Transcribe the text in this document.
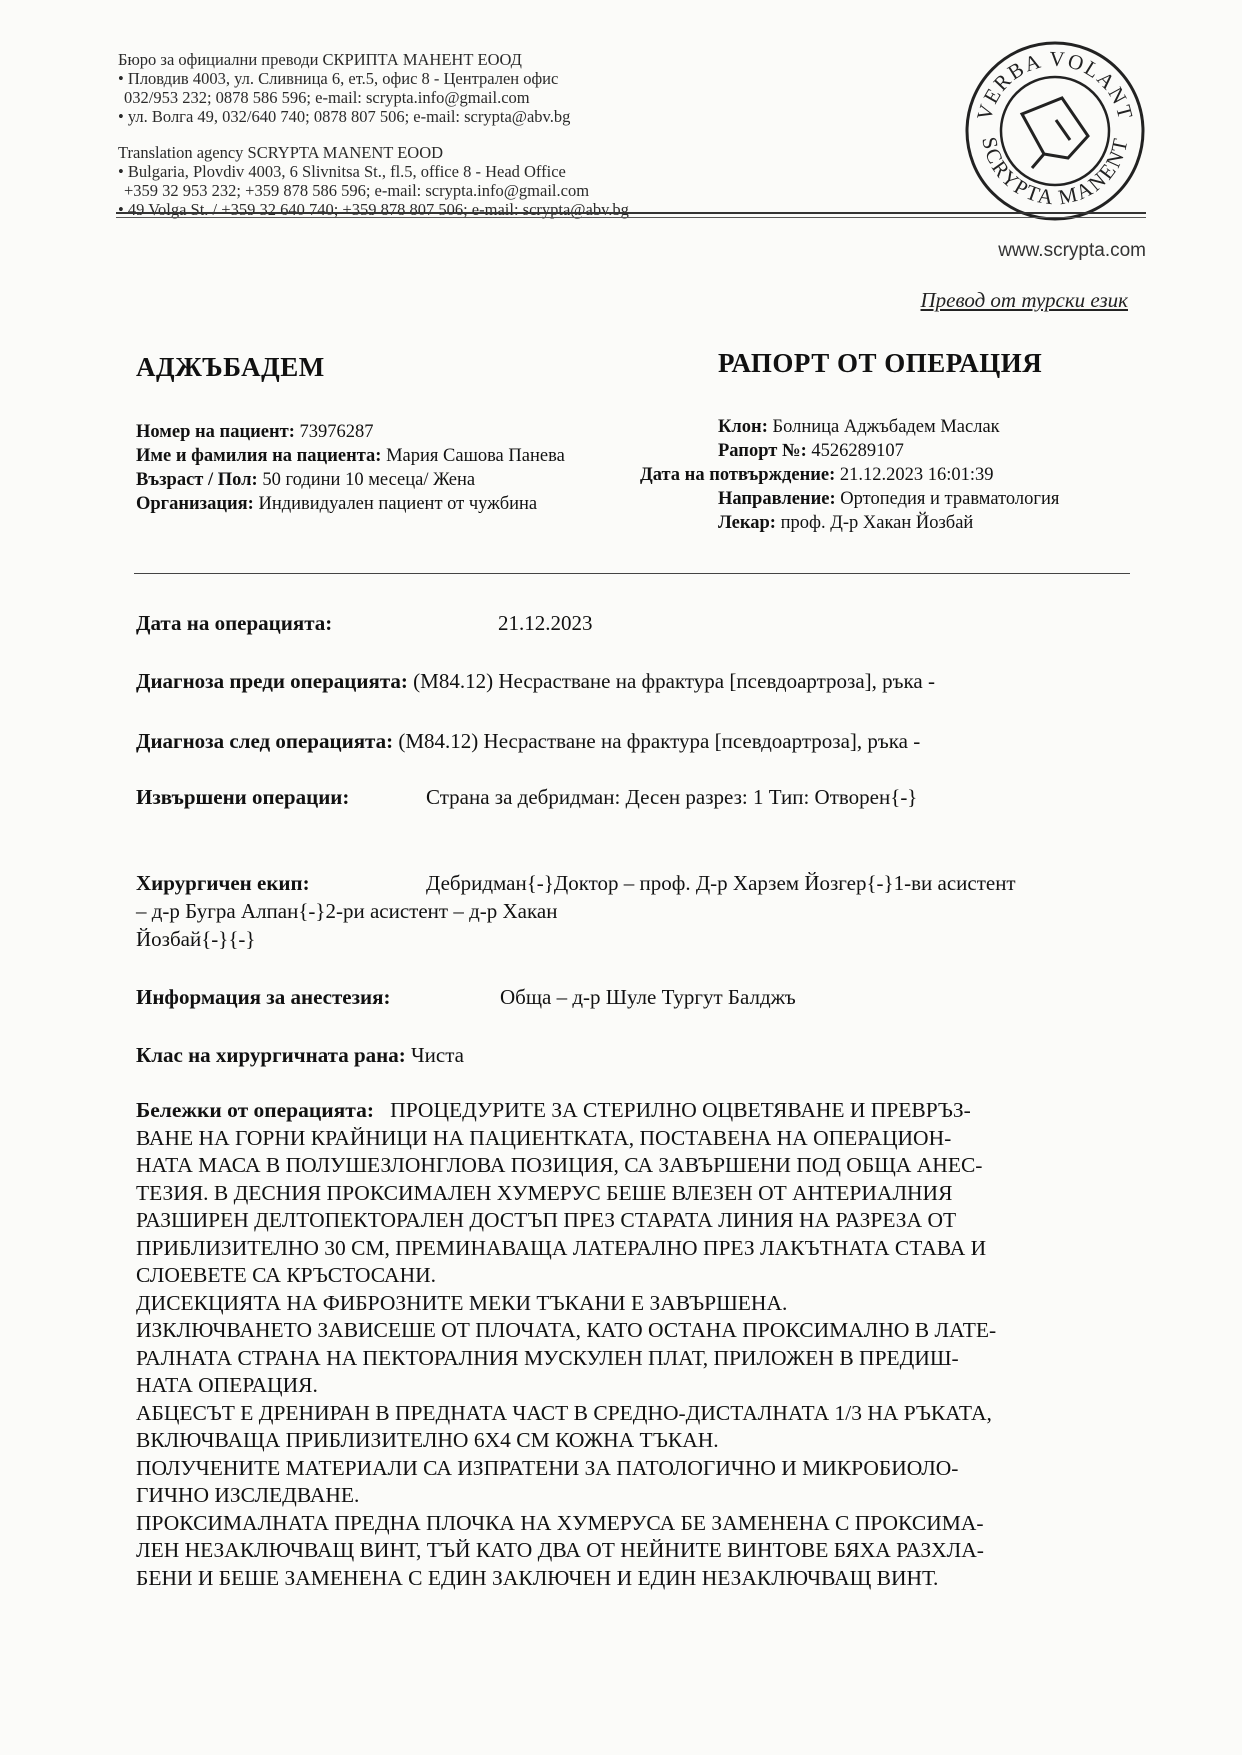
Бюро за официални преводи СКРИПТА МАНЕНТ ЕООД
• Пловдив 4003, ул. Сливница 6, ет.5, офис 8 - Централен офис
032/953 232; 0878 586 596; e-mail: scrypta.info@gmail.com
• ул. Волга 49, 032/640 740; 0878 807 506; e-mail: scrypta@abv.bg
Translation agency SCRYPTA MANENT EOOD
• Bulgaria, Plovdiv 4003, 6 Slivnitsa St., fl.5, office 8 - Head Office
+359 32 953 232; +359 878 586 596; e-mail: scrypta.info@gmail.com
• 49 Volga St. / +359 32 640 740; +359 878 807 506; e-mail: scrypta@abv.bg
VERBA VOLANT
SCRYPTA MANENT
www.scrypta.com
Превод от турски език
АДЖЪБАДЕМ	РАПОРТ ОТ ОПЕРАЦИЯ
Номер на пациент: 73976287
Име и фамилия на пациента: Мария Сашова Панева
Възраст / Пол: 50 години 10 месеца/ Жена
Организация: Индивидуален пациент от чужбина
Клон: Болница Аджъбадем Маслак
Рапорт №: 4526289107
Дата на потвърждение: 21.12.2023 16:01:39
Направление: Ортопедия и травматология
Лекар: проф. Д-р Хакан Йозбай
Дата на операцията:	21.12.2023
Диагноза преди операцията: (M84.12) Несрастване на фрактура [псевдоартроза], ръка -
Диагноза след операцията: (M84.12) Несрастване на фрактура [псевдоартроза], ръка -
Извършени операции:	Страна за дебридман: Десен разрез: 1 Тип: Отворен{-}
Хирургичен екип:	Дебридман{-}Доктор – проф. Д-р Харзем Йозгер{-}1-ви асистент
– д-р Бугра Алпан{-}2-ри асистент – д-р Хакан
Йозбай{-}{-}
Информация за анестезия:	Обща – д-р Шуле Тургут Балджъ
Клас на хирургичната рана: Чиста

Бележки от операцията: ПРОЦЕДУРИТЕ ЗА СТЕРИЛНО ОЦВЕТЯВАНЕ И ПРЕВРЪЗ-

ВАНЕ НА ГОРНИ КРАЙНИЦИ НА ПАЦИЕНТКАТА, ПОСТАВЕНА НА ОПЕРАЦИОН-

НАТА МАСА В ПОЛУШЕЗЛОНГЛОВА ПОЗИЦИЯ, СА ЗАВЪРШЕНИ ПОД ОБЩА АНЕС-

ТЕЗИЯ. В ДЕСНИЯ ПРОКСИМАЛЕН ХУМЕРУС БЕШЕ ВЛЕЗЕН ОТ АНТЕРИАЛНИЯ

РАЗШИРЕН ДЕЛТОПЕКТОРАЛЕН ДОСТЪП ПРЕЗ СТАРАТА ЛИНИЯ НА РАЗРЕЗА ОТ

ПРИБЛИЗИТЕЛНО 30 СМ, ПРЕМИНАВАЩА ЛАТЕРАЛНО ПРЕЗ ЛАКЪТНАТА СТАВА И

СЛОЕВЕТЕ СА КРЪСТОСАНИ.

ДИСЕКЦИЯТА НА ФИБРОЗНИТЕ МЕКИ ТЪКАНИ Е ЗАВЪРШЕНА.

ИЗКЛЮЧВАНЕТО ЗАВИСЕШЕ ОТ ПЛОЧАТА, КАТО ОСТАНА ПРОКСИМАЛНО В ЛАТЕ-

РАЛНАТА СТРАНА НА ПЕКТОРАЛНИЯ МУСКУЛЕН ПЛАТ, ПРИЛОЖЕН В ПРЕДИШ-

НАТА ОПЕРАЦИЯ.

АБЦЕСЪТ Е ДРЕНИРАН В ПРЕДНАТА ЧАСТ В СРЕДНО-ДИСТАЛНАТА 1/3 НА РЪКАТА,

ВКЛЮЧВАЩА ПРИБЛИЗИТЕЛНО 6Х4 СМ КОЖНА ТЪКАН.

ПОЛУЧЕНИТЕ МАТЕРИАЛИ СА ИЗПРАТЕНИ ЗА ПАТОЛОГИЧНО И МИКРОБИОЛО-

ГИЧНО ИЗСЛЕДВАНЕ.

ПРОКСИМАЛНАТА ПРЕДНА ПЛОЧКА НА ХУМЕРУСА БЕ ЗАМЕНЕНА С ПРОКСИМА-

ЛЕН НЕЗАКЛЮЧВАЩ ВИНТ, ТЪЙ КАТО ДВА ОТ НЕЙНИТЕ ВИНТОВЕ БЯХА РАЗХЛА-

БЕНИ И БЕШЕ ЗАМЕНЕНА С ЕДИН ЗАКЛЮЧЕН И ЕДИН НЕЗАКЛЮЧВАЩ ВИНТ.
